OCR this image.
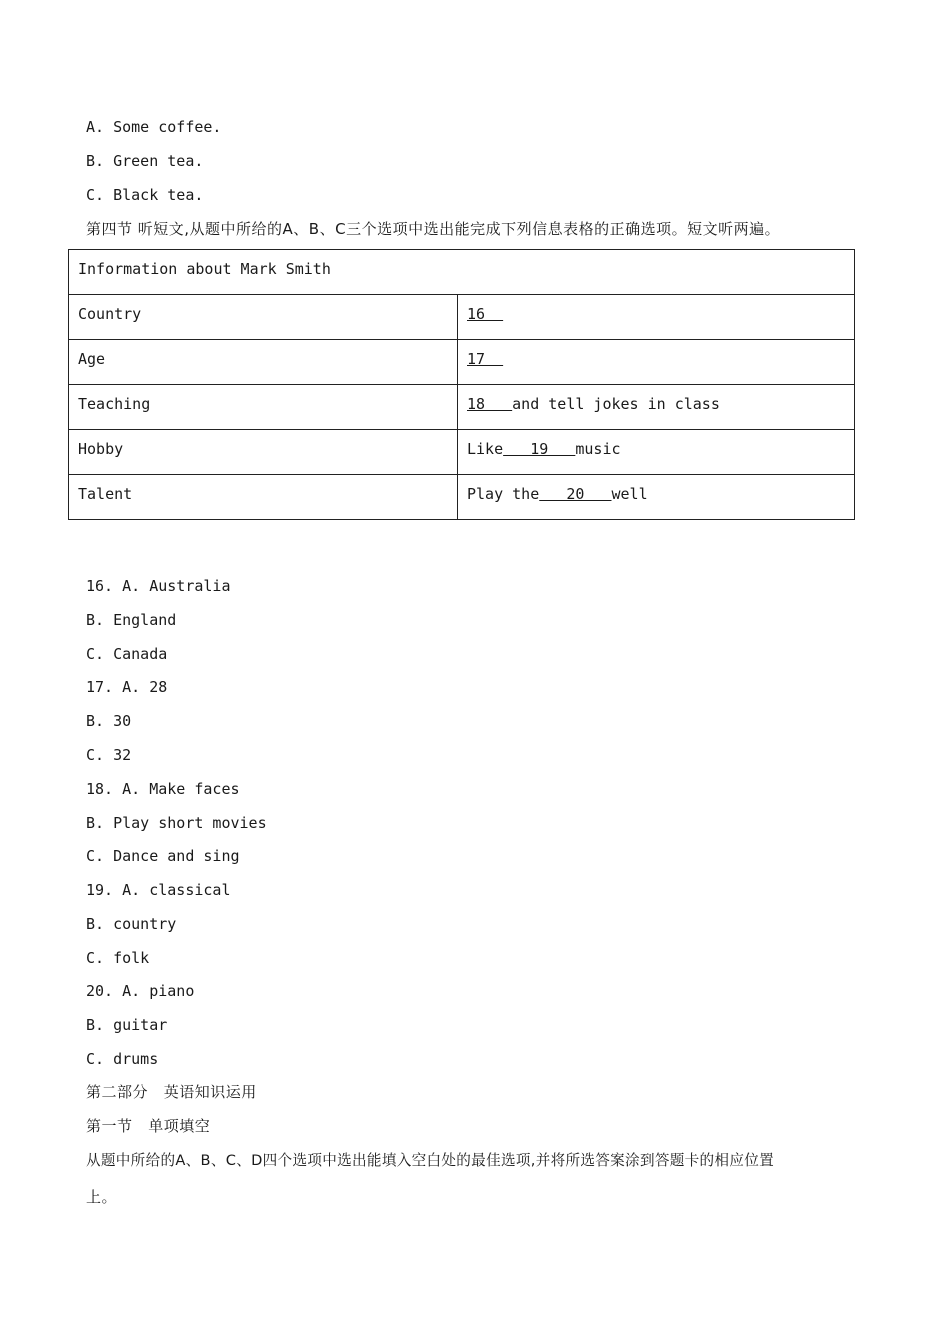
A. Some coffee.
B. Green tea.
C. Black tea.
第四节 听短文,从题中所给的A、B、C三个选项中选出能完成下列信息表格的正确选项。短文听两遍。
Information about Mark Smith	
Country	16
Age	17
Teaching	18   and tell jokes in class
Hobby	Like   19   music
Talent	Play the   20   well
16. A. Australia
B. England
C. Canada
17. A. 28
B. 30
C. 32
18. A. Make faces
B. Play short movies
C. Dance and sing
19. A. classical
B. country
C. folk
20. A. piano
B. guitar
C. drums
第二部分   英语知识运用
第一节   单项填空
从题中所给的A、B、C、D四个选项中选出能填入空白处的最佳选项,并将所选答案涂到答题卡的相应位置
上。
